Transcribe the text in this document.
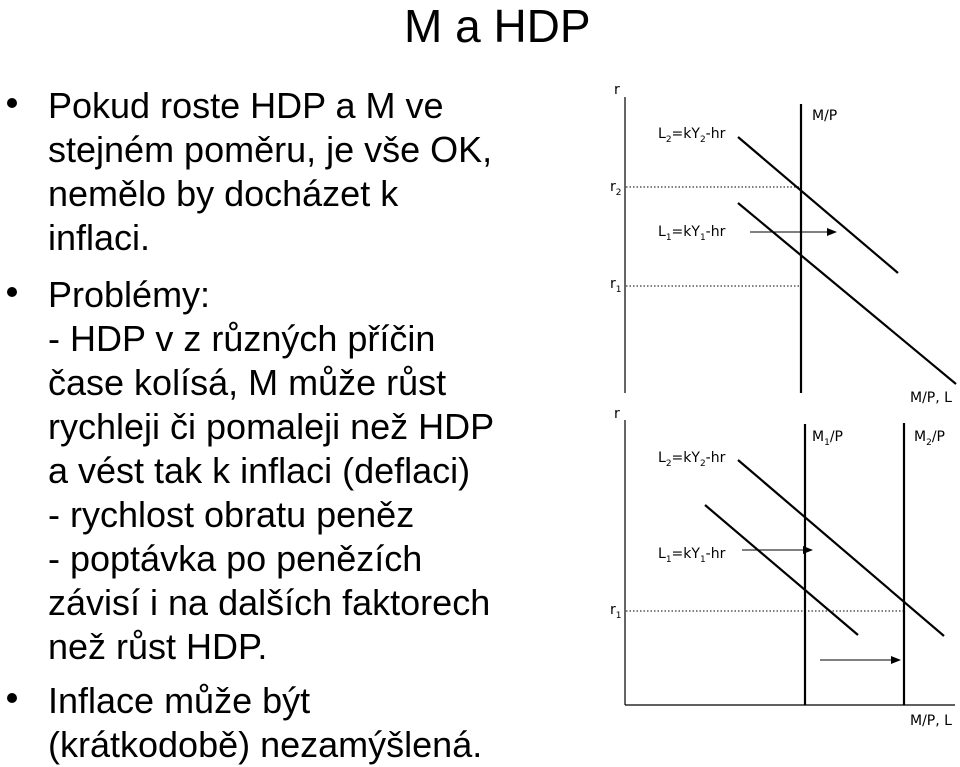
M a HDP
Pokud roste HDP a M ve
stejném poměru, je vše OK,
nemělo by docházet k
inflaci.
Problémy:
- HDP v z různých příčin
čase kolísá, M může růst
rychleji či pomaleji než HDP
a vést tak k inflaci (deflaci)
- rychlost obratu peněz
- poptávka po penězích
závisí i na dalších faktorech
než růst HDP.
Inflace může být
(krátkodobě) nezamýšlená.
r
$r_2$
$r_1$
M/P
$L_2=kY_2-hr$
$L_1=kY_1-hr$
r
M/P, L
M/P, L
$r_1$
$M_1/P$	$M_2/P$
$L_2=kY_2-hr$
$L_1=kY_1-hr$
